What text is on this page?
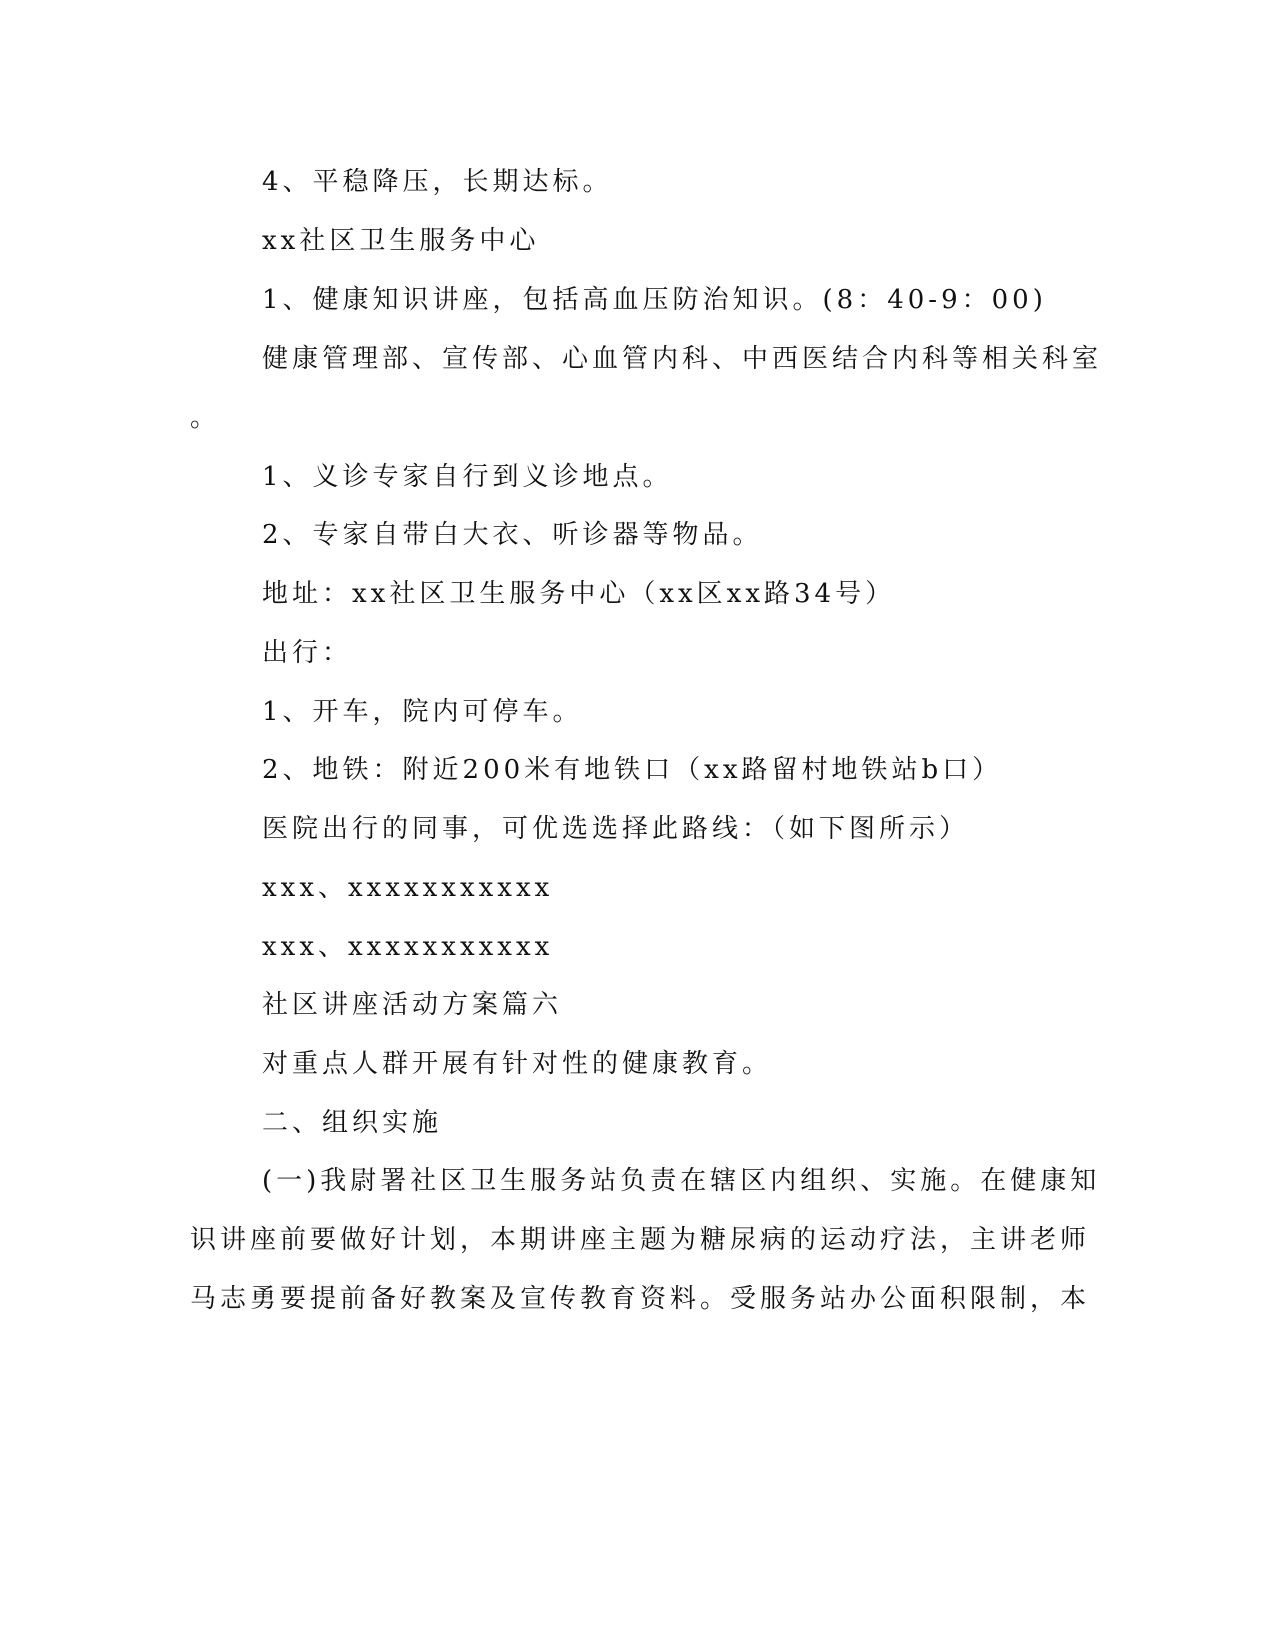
4、平稳降压，长期达标。
xx社区卫生服务中心
1、健康知识讲座，包括高血压防治知识。(8：40-9：00)
健康管理部、宣传部、心血管内科、中西医结合内科等相关科室
。
1、义诊专家自行到义诊地点。
2、专家自带白大衣、听诊器等物品。
地址：xx社区卫生服务中心（xx区xx路34号）
出行：
1、开车，院内可停车。
2、地铁：附近200米有地铁口（xx路留村地铁站b口）
医院出行的同事，可优选选择此路线：（如下图所示）
xxx、xxxxxxxxxxx
xxx、xxxxxxxxxxx
社区讲座活动方案篇六
对重点人群开展有针对性的健康教育。
二、组织实施
(一)我尉署社区卫生服务站负责在辖区内组织、实施。在健康知
识讲座前要做好计划，本期讲座主题为糖尿病的运动疗法，主讲老师
马志勇要提前备好教案及宣传教育资料。受服务站办公面积限制，本
